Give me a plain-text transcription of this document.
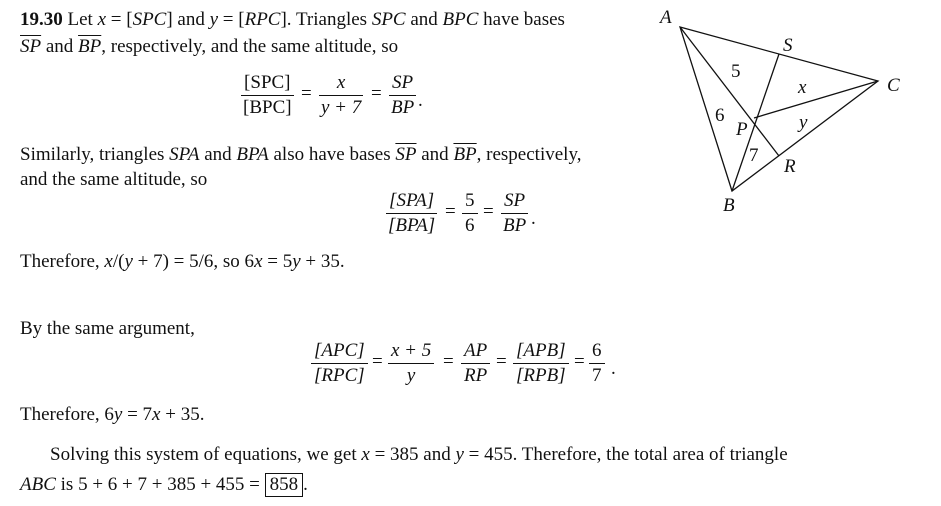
19.30 Let x = [SPC] and y = [RPC]. Triangles SPC and BPC have bases
$\overline{SP}$ and $\overline{BP}$, respectively, and the same altitude, so
[SPC]
[BPC]
= $\frac{x}{y + 7} = \frac{SP}{BP}$ .
Similarly, triangles SPA and BPA also have bases $\overline{SP}$ and $\overline{BP}$, respectively,
and the same altitude, so
[SPA]
[BPA]
= $\frac{5}{6} = \frac{SP}{BP}$ .
Therefore, x/(y + 7) = 5/6, so 6x = 5y + 35.
By the same argument,
[APC]
[RPC]
= $\frac{x + 5}{y} = \frac{AP}{RP}$ =
[APB]
[RPB]
= $\frac{6}{7}$ .
Therefore, 6y = 7x + 35.
Solving this system of equations, we get x = 385 and y = 455. Therefore, the total area of triangle
ABC is 5 + 6 + 7 + 385 + 455 = 858 .
A
S
C
P
R
B
5
6
7
x
y
